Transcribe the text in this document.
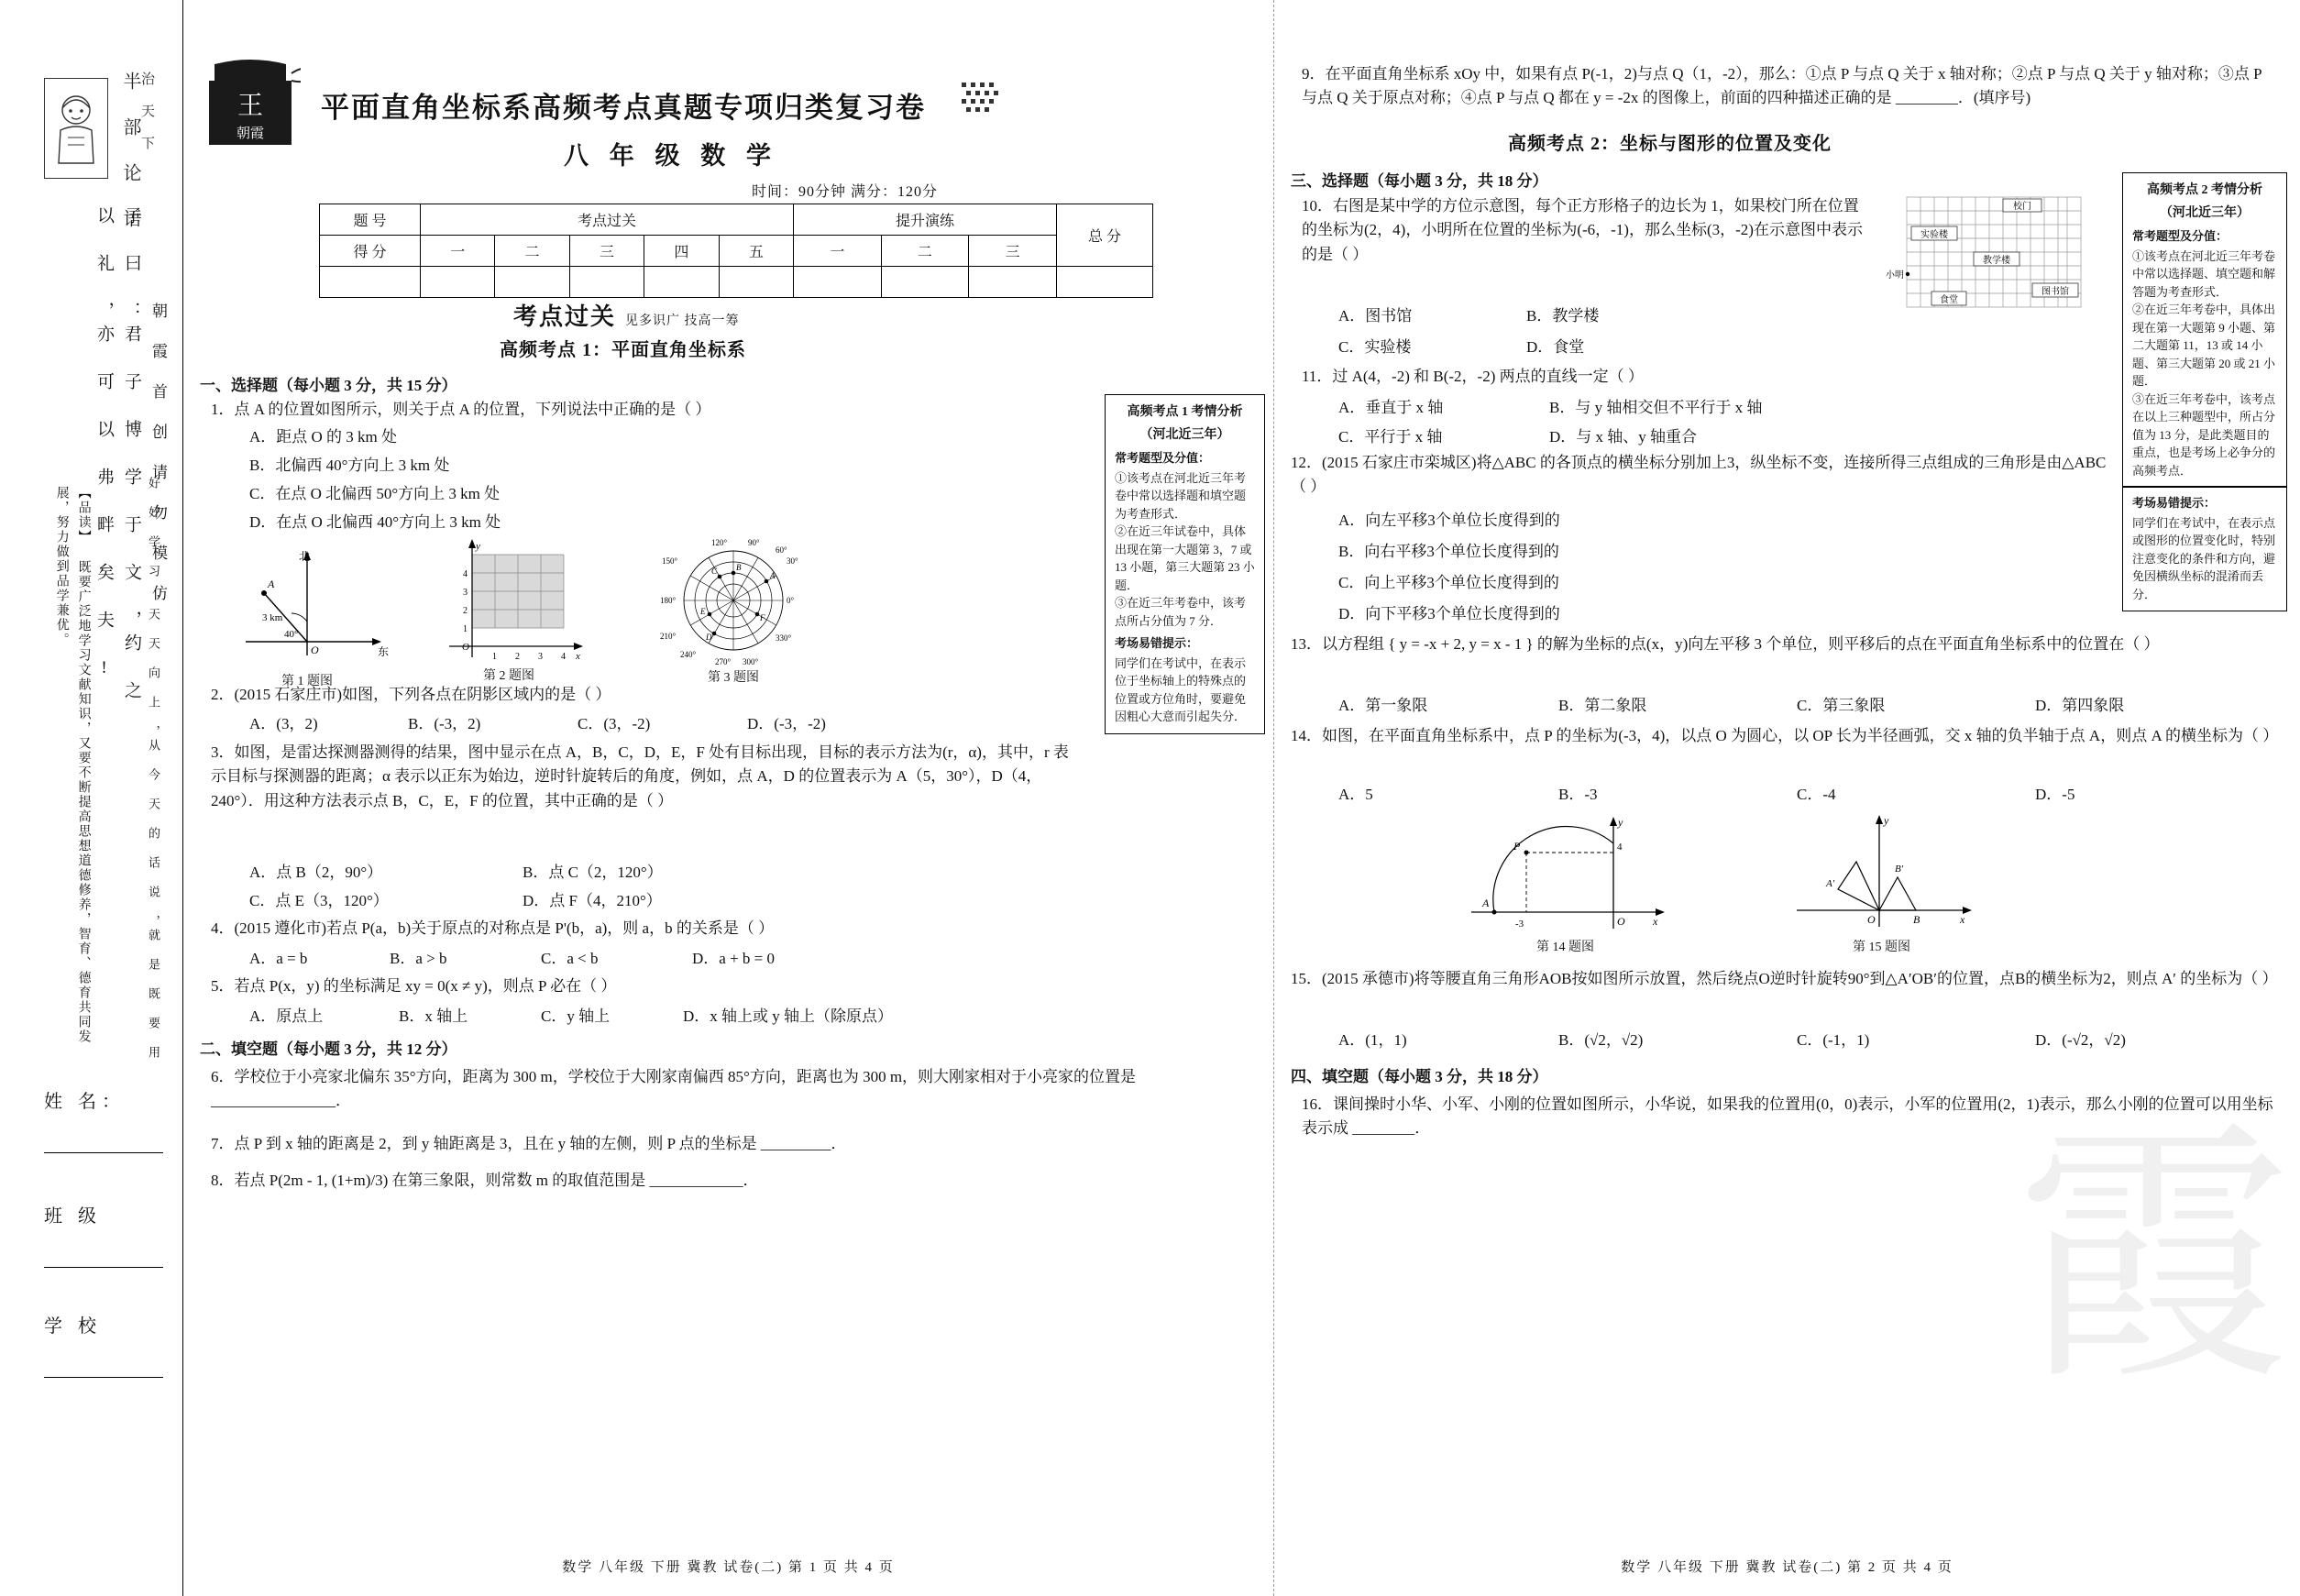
半 部 论 语 治 天 下
以 礼 ，亦 可 以 弗 畔 矣 夫 ! 子 曰 ：君 子 博 学 于 文 ，约 之 朝 霞 首 创 请 勿 模 仿
【品读】 既要广泛地学习文献知识，又要不断提高思想道德修养，智育、德育共同发展，努力做到品学兼优。	好 好 学 习 ，天 天 向 上 ，从 今 天 的 话 说 ，就 是 既 要 用
姓 名：
班 级
学 校
王
朝霞
平面直角坐标系高频考点真题专项归类复习卷
八 年 级 数 学
时间：90分钟 满分：120分
题 号	考点过关					提升演练			总 分
得 分	一	二	三	四	五	一	二	三	

考点过关 见多识广 技高一筹
高频考点 1：平面直角坐标系
一、选择题（每小题 3 分，共 15 分）
1．点 A 的位置如图所示，则关于点 A 的位置，下列说法中正确的是（ ）
A．距点 O 的 3 km 处
B．北偏西 40°方向上 3 km 处
C．在点 O 北偏西 50°方向上 3 km 处
D．在点 O 北偏西 40°方向上 3 km 处
北
东
A
3 km
40°
O
第 1 题图
y
x
O
1
2
3
4
1 2 3 4
第 2 题图
A
B
C
D
E
F
0°
60°
90°
120°
150°
180°
210°
240°
270° 300°
330°
30°
第 3 题图
高频考点 1 考情分析
（河北近三年）
常考题型及分值：
①该考点在河北近三年考卷中常以选择题和填空题为考查形式．
②在近三年试卷中，具体出现在第一大题第 3，7 或 13 小题，第三大题第 23 小题．
③在近三年考卷中，该考点所占分值为 7 分．
考场易错提示：
同学们在考试中，在表示位于坐标轴上的特殊点的位置或方位角时，要避免因粗心大意而引起失分．
2．(2015 石家庄市)如图，下列各点在阴影区域内的是（ ）
A．(3，2)	B．(-3，2)	C．(3，-2)	D．(-3，-2)
3．如图，是雷达探测器测得的结果，图中显示在点 A，B，C，D，E，F 处有目标出现，目标的表示方法为(r，α)，其中，r 表示目标与探测器的距离；α 表示以正东为始边，逆时针旋转后的角度，例如，点 A，D 的位置表示为 A（5，30°），D（4，240°）．用这种方法表示点 B，C，E，F 的位置，其中正确的是（ ）
A．点 B（2，90°）	B．点 C（2，120°）
C．点 E（3，120°）	D．点 F（4，210°）
4．(2015 遵化市)若点 P(a，b)关于原点的对称点是 P'(b，a)，则 a，b 的关系是（ ）
A．a = b	B．a > b	C．a < b	D．a + b = 0
5．若点 P(x，y) 的坐标满足 xy = 0(x ≠ y)，则点 P 必在（ ）
A．原点上	B．x 轴上	C．y 轴上	D．x 轴上或 y 轴上（除原点）
二、填空题（每小题 3 分，共 12 分）
6．学校位于小亮家北偏东 35°方向，距离为 300 m，学校位于大刚家南偏西 85°方向，距离也为 300 m，则大刚家相对于小亮家的位置是 ________________．
7．点 P 到 x 轴的距离是 2，到 y 轴距离是 3，且在 y 轴的左侧，则 P 点的坐标是 _________．
8．若点 P(2m - 1, (1+m)/3) 在第三象限，则常数 m 的取值范围是 ____________．
数学 八年级 下册 冀教 试卷(二) 第 1 页 共 4 页
霞
9．在平面直角坐标系 xOy 中，如果有点 P(-1，2)与点 Q（1，-2），那么：①点 P 与点 Q 关于 x 轴对称；②点 P 与点 Q 关于 y 轴对称；③点 P 与点 Q 关于原点对称；④点 P 与点 Q 都在 y = -2x 的图像上，前面的四种描述正确的是 ________．(填序号)
高频考点 2：坐标与图形的位置及变化
三、选择题（每小题 3 分，共 18 分）
10．右图是某中学的方位示意图，每个正方形格子的边长为 1，如果校门所在位置的坐标为(2，4)，小明所在位置的坐标为(-6，-1)，那么坐标(3，-2)在示意图中表示的是（ ）
A．图书馆	B．教学楼
C．实验楼	D．食堂
校门
实验楼
教学楼
小明
食堂
图书馆
高频考点 2 考情分析
（河北近三年）
常考题型及分值：
①该考点在河北近三年考卷中常以选择题、填空题和解答题为考查形式．
②在近三年考卷中，具体出现在第一大题第 9 小题、第二大题第 11，13 或 14 小题、第三大题第 20 或 21 小题．
③在近三年考卷中，该考点在以上三种题型中，所占分值为 13 分，是此类题目的重点，也是考场上必争分的高频考点．
考场易错提示：
同学们在考试中，在表示点或图形的位置变化时，特别注意变化的条件和方向，避免因横纵坐标的混淆而丢分．
11．过 A(4，-2) 和 B(-2，-2) 两点的直线一定（ ）
A．垂直于 x 轴	B．与 y 轴相交但不平行于 x 轴
C．平行于 x 轴	D．与 x 轴、y 轴重合
12．(2015 石家庄市栾城区)将△ABC 的各顶点的横坐标分别加上3，纵坐标不变，连接所得三点组成的三角形是由△ABC（ ）
A．向左平移3个单位长度得到的
B．向右平移3个单位长度得到的
C．向上平移3个单位长度得到的
D．向下平移3个单位长度得到的
13．以方程组 { y = -x + 2, y = x - 1 } 的解为坐标的点(x，y)向左平移 3 个单位，则平移后的点在平面直角坐标系中的位置在（ ）
A．第一象限	B．第二象限	C．第三象限	D．第四象限
14．如图，在平面直角坐标系中，点 P 的坐标为(-3，4)，以点 O 为圆心，以 OP 长为半径画弧，交 x 轴的负半轴于点 A，则点 A 的横坐标为（ ）
A．5	B．-3	C．-4	D．-5
y
x
O
A
P	4
-3
第 14 题图
y
x
O	B
A′
B′
第 15 题图
15．(2015 承德市)将等腰直角三角形AOB按如图所示放置，然后绕点O逆时针旋转90°到△A′OB′的位置，点B的横坐标为2，则点 A′ 的坐标为（ ）
A．(1，1)	B．(√2，√2)	C．(-1，1)	D．(-√2，√2)
四、填空题（每小题 3 分，共 18 分）
16．课间操时小华、小军、小刚的位置如图所示，小华说，如果我的位置用(0，0)表示，小军的位置用(2，1)表示，那么小刚的位置可以用坐标表示成 ________．
数学 八年级 下册 冀教 试卷(二) 第 2 页 共 4 页
